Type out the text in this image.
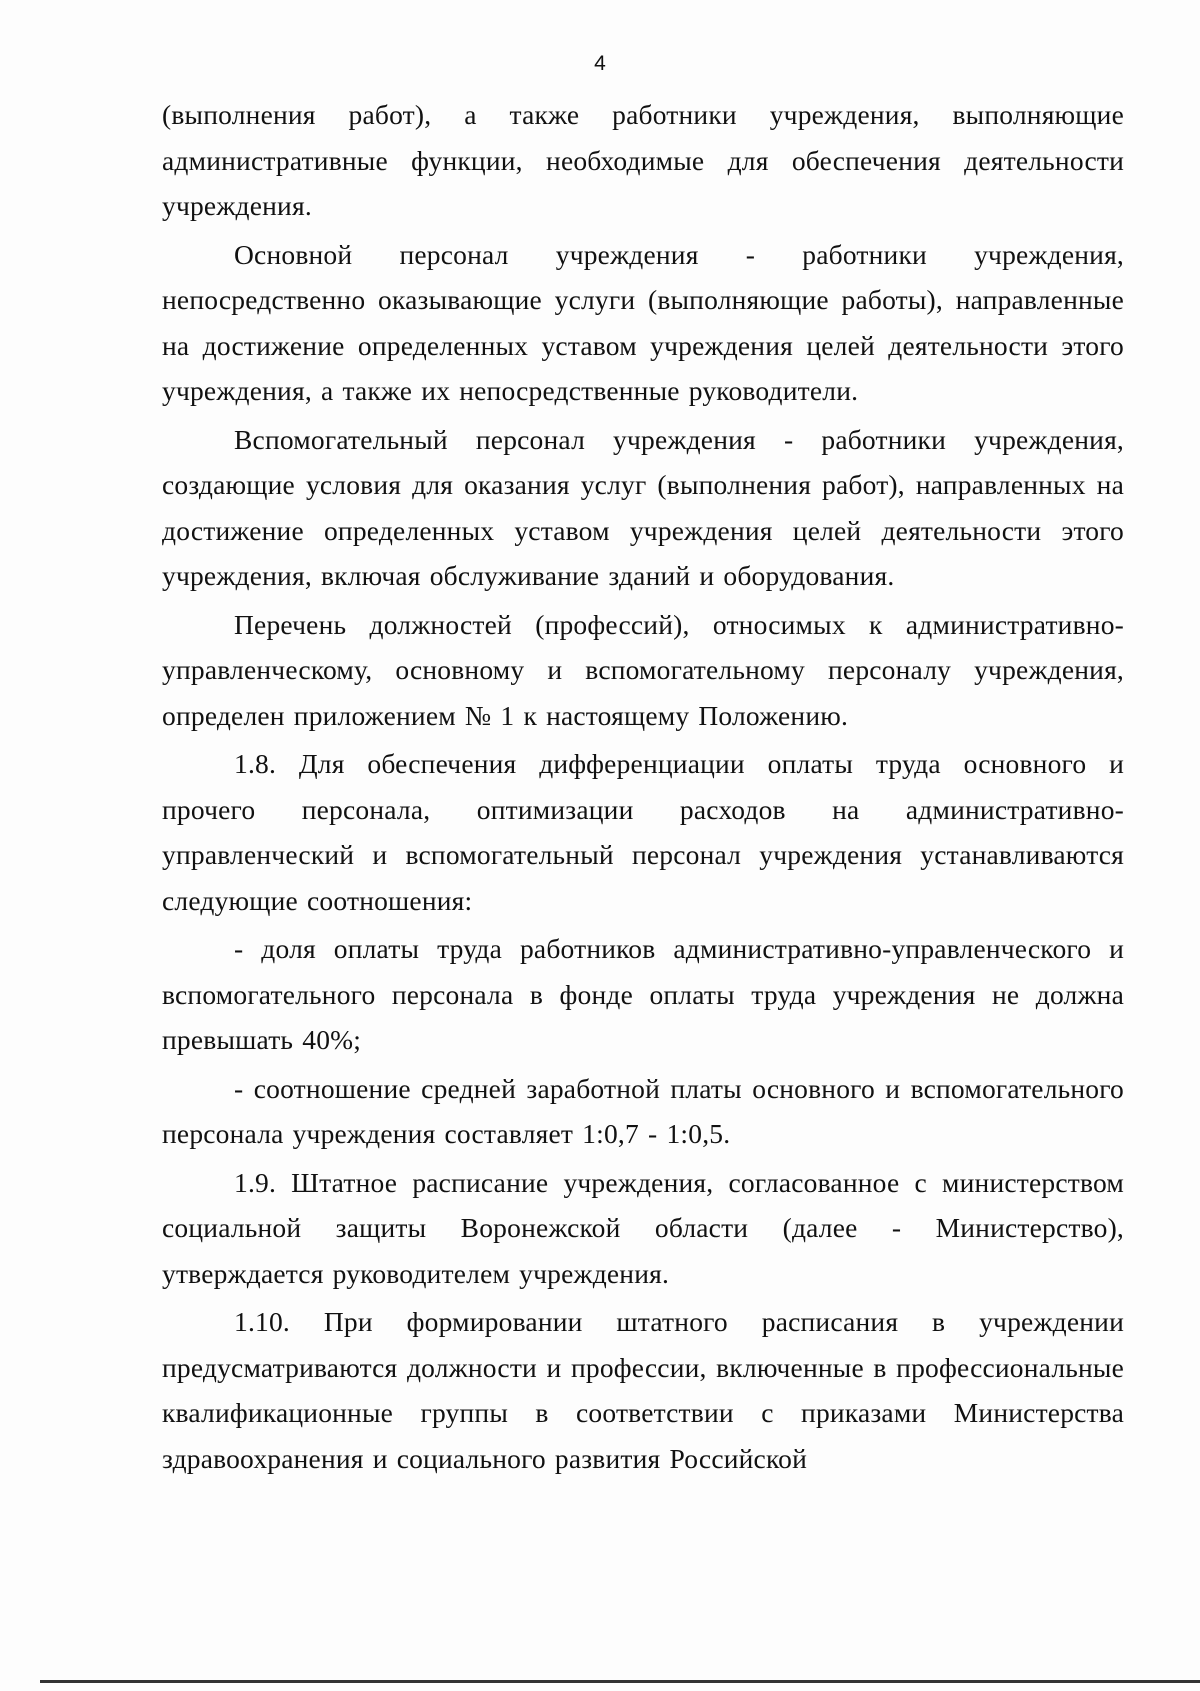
4

(выполнения работ), а также работники учреждения, выполняющие административные функции, необходимые для обеспечения деятельности учреждения.

Основной персонал учреждения - работники учреждения, непосредственно оказывающие услуги (выполняющие работы), направленные на достижение определенных уставом учреждения целей деятельности этого учреждения, а также их непосредственные руководители.

Вспомогательный персонал учреждения - работники учреждения, создающие условия для оказания услуг (выполнения работ), направленных на достижение определенных уставом учреждения целей деятельности этого учреждения, включая обслуживание зданий и оборудования.

Перечень должностей (профессий), относимых к административно-управленческому, основному и вспомогательному персоналу учреждения, определен приложением № 1 к настоящему Положению.

1.8. Для обеспечения дифференциации оплаты труда основного и прочего персонала, оптимизации расходов на административно-управленческий и вспомогательный персонал учреждения устанавливаются следующие соотношения:

- доля оплаты труда работников административно-управленческого и вспомогательного персонала в фонде оплаты труда учреждения не должна превышать 40%;

- соотношение средней заработной платы основного и вспомогательного персонала учреждения составляет 1:0,7 - 1:0,5.

1.9. Штатное расписание учреждения, согласованное с министерством социальной защиты Воронежской области (далее - Министерство), утверждается руководителем учреждения.

1.10. При формировании штатного расписания в учреждении предусматриваются должности и профессии, включенные в профессиональные квалификационные группы в соответствии с приказами Министерства здравоохранения и социального развития Российской
